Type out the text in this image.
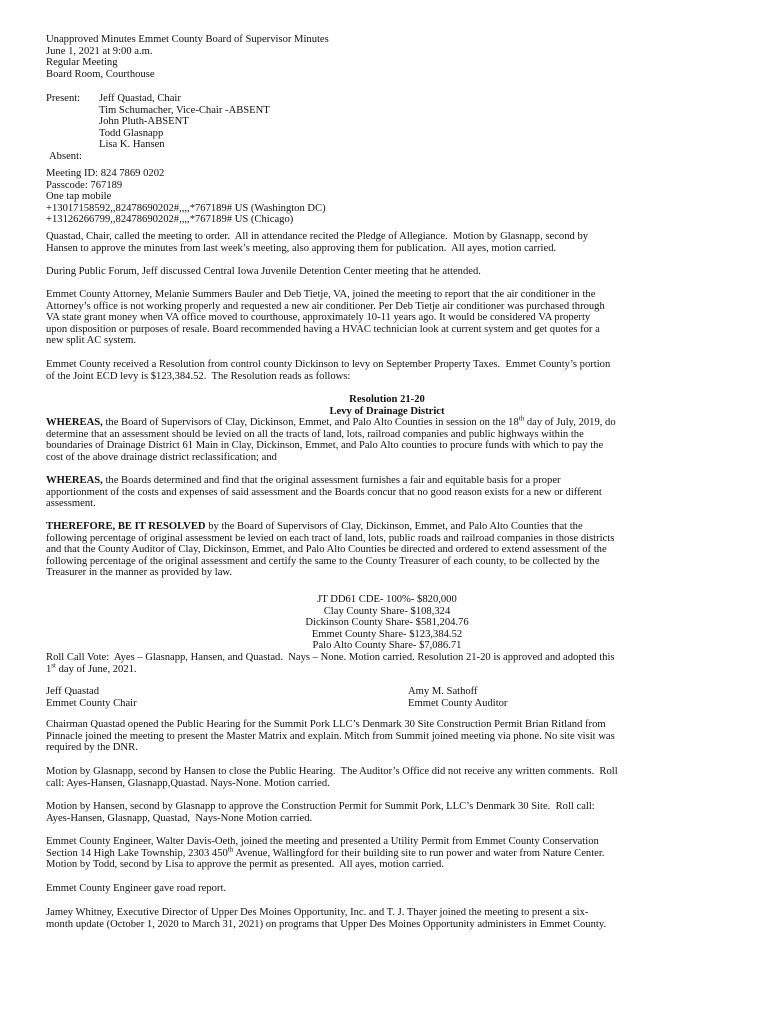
Unapproved Minutes Emmet County Board of Supervisor Minutes
June 1, 2021 at 9:00 a.m.
Regular Meeting
Board Room, Courthouse
Present: Jeff Quastad, Chair
Tim Schumacher, Vice-Chair -ABSENT
John Pluth-ABSENT
Todd Glasnapp
Lisa K. Hansen
Absent:
Meeting ID: 824 7869 0202
Passcode: 767189
One tap mobile
+13017158592,,82478690202#,,,,*767189# US (Washington DC)
+13126266799,,82478690202#,,,,*767189# US (Chicago)
Quastad, Chair, called the meeting to order.  All in attendance recited the Pledge of Allegiance.  Motion by Glasnapp, second by
Hansen to approve the minutes from last week’s meeting, also approving them for publication.  All ayes, motion carried.
During Public Forum, Jeff discussed Central Iowa Juvenile Detention Center meeting that he attended.
Emmet County Attorney, Melanie Summers Bauler and Deb Tietje, VA, joined the meeting to report that the air conditioner in the
Attorney’s office is not working properly and requested a new air conditioner. Per Deb Tietje air conditioner was purchased through
VA state grant money when VA office moved to courthouse, approximately 10-11 years ago. It would be considered VA property
upon disposition or purposes of resale. Board recommended having a HVAC technician look at current system and get quotes for a
new split AC system.
Emmet County received a Resolution from control county Dickinson to levy on September Property Taxes.  Emmet County’s portion
of the Joint ECD levy is $123,384.52.  The Resolution reads as follows:
Resolution 21-20
Levy of Drainage District
WHEREAS, the Board of Supervisors of Clay, Dickinson, Emmet, and Palo Alto Counties in session on the 18th day of July, 2019, do
determine that an assessment should be levied on all the tracts of land, lots, railroad companies and public highways within the
boundaries of Drainage District 61 Main in Clay, Dickinson, Emmet, and Palo Alto counties to procure funds with which to pay the
cost of the above drainage district reclassification; and
WHEREAS, the Boards determined and find that the original assessment furnishes a fair and equitable basis for a proper
apportionment of the costs and expenses of said assessment and the Boards concur that no good reason exists for a new or different
assessment.
THEREFORE, BE IT RESOLVED by the Board of Supervisors of Clay, Dickinson, Emmet, and Palo Alto Counties that the
following percentage of original assessment be levied on each tract of land, lots, public roads and railroad companies in those districts
and that the County Auditor of Clay, Dickinson, Emmet, and Palo Alto Counties be directed and ordered to extend assessment of the
following percentage of the original assessment and certify the same to the County Treasurer of each county, to be collected by the
Treasurer in the manner as provided by law.
JT DD61 CDE- 100%- $820,000
Clay County Share- $108,324
Dickinson County Share- $581,204.76
Emmet County Share- $123,384.52
Palo Alto County Share- $7,086.71
Roll Call Vote:  Ayes – Glasnapp, Hansen, and Quastad.  Nays – None. Motion carried. Resolution 21-20 is approved and adopted this
1st day of June, 2021.
Jeff Quastad
Emmet County Chair
Amy M. Sathoff
Emmet County Auditor
Chairman Quastad opened the Public Hearing for the Summit Pork LLC’s Denmark 30 Site Construction Permit Brian Ritland from
Pinnacle joined the meeting to present the Master Matrix and explain. Mitch from Summit joined meeting via phone. No site visit was
required by the DNR.
Motion by Glasnapp, second by Hansen to close the Public Hearing.  The Auditor’s Office did not receive any written comments.  Roll
call: Ayes-Hansen, Glasnapp,Quastad. Nays-None. Motion carried.
Motion by Hansen, second by Glasnapp to approve the Construction Permit for Summit Pork, LLC’s Denmark 30 Site.  Roll call:
Ayes-Hansen, Glasnapp, Quastad,  Nays-None Motion carried.
Emmet County Engineer, Walter Davis-Oeth, joined the meeting and presented a Utility Permit from Emmet County Conservation
Section 14 High Lake Township, 2303 450th Avenue, Wallingford for their building site to run power and water from Nature Center.
Motion by Todd, second by Lisa to approve the permit as presented.  All ayes, motion carried.
Emmet County Engineer gave road report.
Jamey Whitney, Executive Director of Upper Des Moines Opportunity, Inc. and T. J. Thayer joined the meeting to present a six-
month update (October 1, 2020 to March 31, 2021) on programs that Upper Des Moines Opportunity administers in Emmet County.
